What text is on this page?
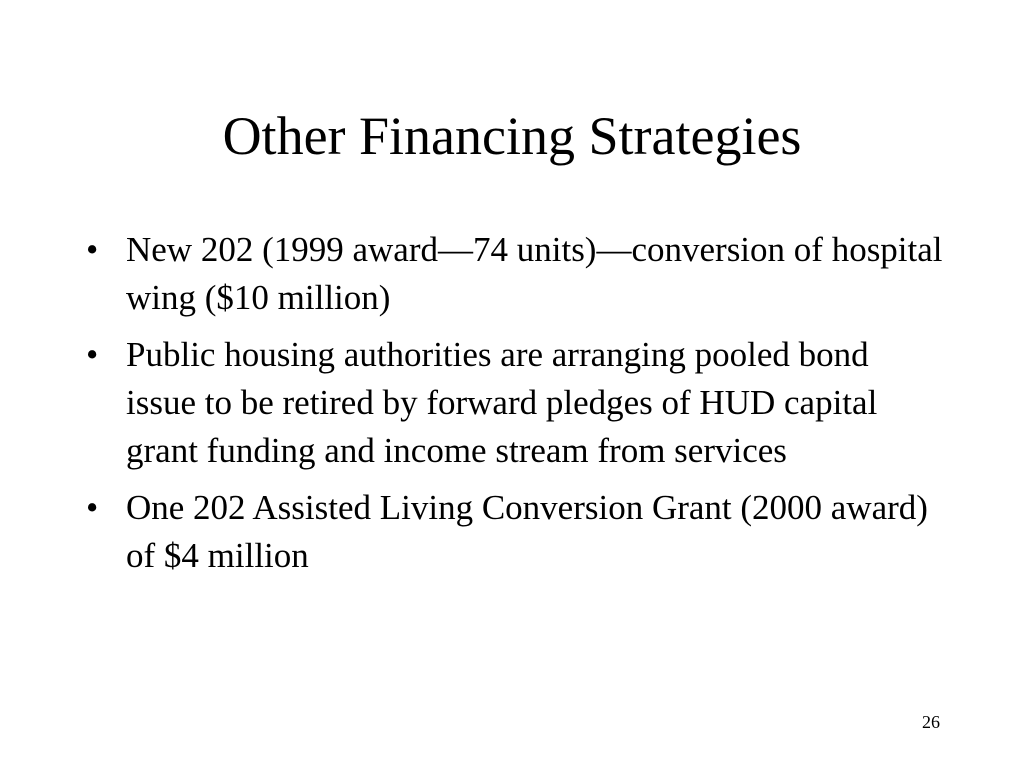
Other Financing Strategies
• New 202 (1999 award—74 units)—conversion of hospital wing ($10 million)
• Public housing authorities are arranging pooled bond issue to be retired by forward pledges of HUD capital grant funding and income stream from services
• One 202 Assisted Living Conversion Grant (2000 award) of $4 million
26
